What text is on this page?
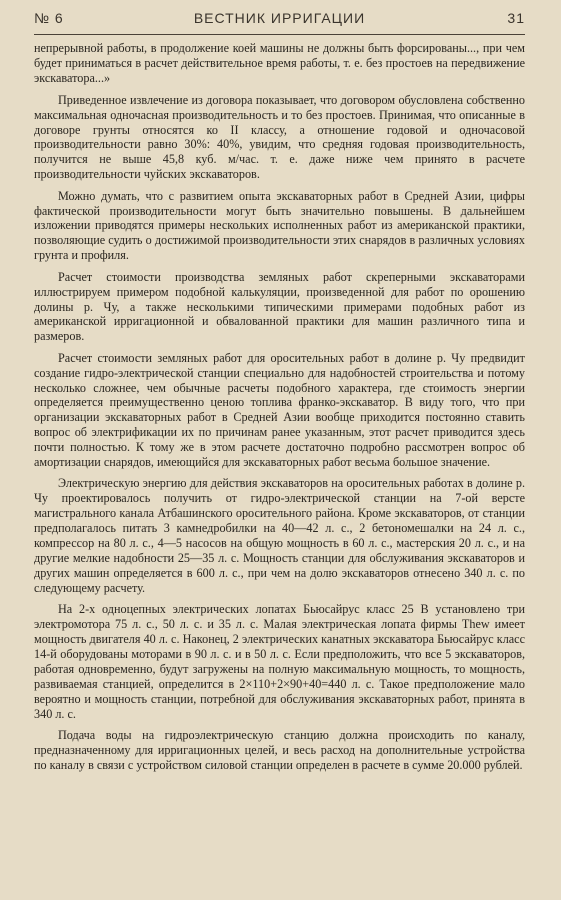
№ 6	ВЕСТНИК ИРРИГАЦИИ	31

непрерывной работы, в продолжение коей машины не должны быть форсированы..., при чем будет приниматься в расчет действительное время работы, т. е. без простоев на передвижение экскаватора...»

Приведенное извлечение из договора показывает, что договором обусловлена собственно максимальная одночасная производительность и то без простоев. Принимая, что описанные в договоре грунты относятся ко II классу, а отношение годовой и одночасовой производительности равно 30%: 40%, увидим, что средняя годовая производительность, получится не выше 45,8 куб. м/час. т. е. даже ниже чем принято в расчете производительности чуйских экскаваторов.

Можно думать, что с развитием опыта экскаваторных работ в Средней Азии, цифры фактической производительности могут быть значительно повышены. В дальнейшем изложении приводятся примеры нескольких исполненных работ из американской практики, позволяющие судить о достижимой производительности этих снарядов в различных условиях грунта и профиля.

Расчет стоимости производства земляных работ скреперными экскаваторами иллюстрируем примером подобной калькуляции, произведенной для работ по орошению долины р. Чу, а также несколькими типическими примерами подобных работ из американской ирригационной и обвалованной практики для машин различного типа и размеров.

Расчет стоимости земляных работ для оросительных работ в долине р. Чу предвидит создание гидро-электрической станции специально для надобностей строительства и потому несколько сложнее, чем обычные расчеты подобного характера, где стоимость энергии определяется преимущественно ценою топлива франко-экскаватор. В виду того, что при организации экскаваторных работ в Средней Азии вообще приходится постоянно ставить вопрос об электрификации их по причинам ранее указанным, этот расчет приводится здесь почти полностью. К тому же в этом расчете достаточно подробно рассмотрен вопрос об амортизации снарядов, имеющийся для экскаваторных работ весьма большое значение.

Электрическую энергию для действия экскаваторов на оросительных работах в долине р. Чу проектировалось получить от гидро-электрической станции на 7-ой версте магистрального канала Атбашинского оросительного района. Кроме экскаваторов, от станции предполагалось питать 3 камнедробилки на 40—42 л. с., 2 бетономешалки на 24 л. с., компрессор на 80 л. с., 4—5 насосов на общую мощность в 60 л. с., мастерския 20 л. с., и на другие мелкие надобности 25—35 л. с. Мощность станции для обслуживания экскаваторов и других машин определяется в 600 л. с., при чем на долю экскаваторов отнесено 340 л. с. по следующему расчету.

На 2-х одноцепных электрических лопатах Бьюсайрус класс 25 В установлено три электромотора 75 л. с., 50 л. с. и 35 л. с. Малая электрическая лопата фирмы Thew имеет мощность двигателя 40 л. с. Наконец, 2 электрических канатных экскаватора Бьюсайрус класс 14-й оборудованы моторами в 90 л. с. и в 50 л. с. Если предположить, что все 5 экскаваторов, работая одновременно, будут загружены на полную максимальную мощность, то мощность, развиваемая станцией, определится в 2×110+2×90+40=440 л. с. Такое предположение мало вероятно и мощность станции, потребной для обслуживания экскаваторных работ, принята в 340 л. с.

Подача воды на гидроэлектрическую станцию должна происходить по каналу, предназначенному для ирригационных целей, и весь расход на дополнительные устройства по каналу в связи с устройством силовой станции определен в расчете в сумме 20.000 рублей.
